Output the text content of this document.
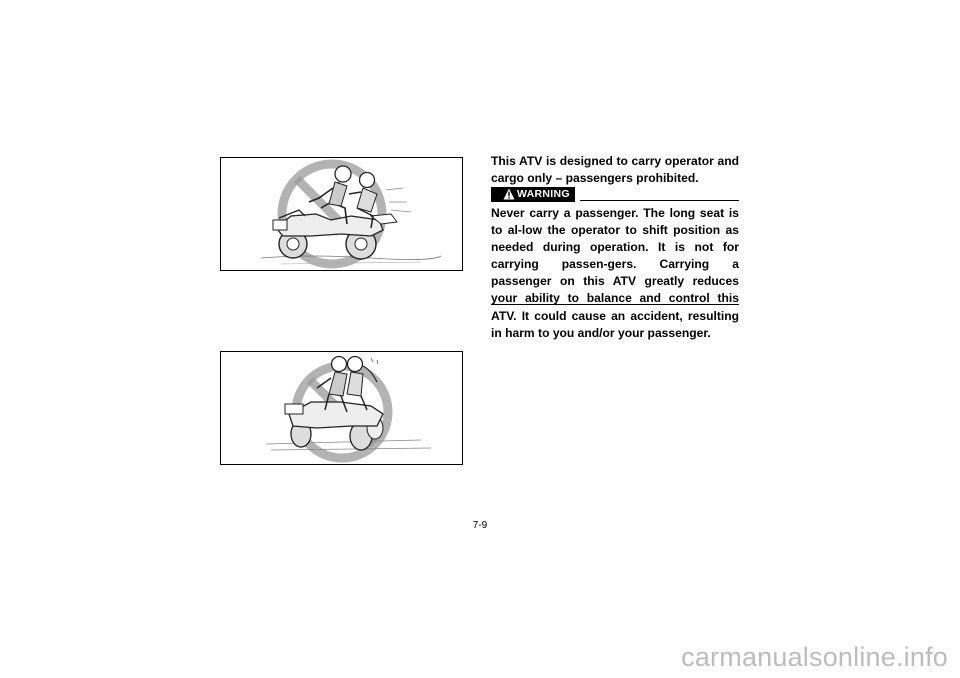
This ATV is designed to carry operator and cargo only – passengers prohibited.

WARNING

Never carry a passenger. The long seat is to al-low the operator to shift position as needed during operation. It is not for carrying passen-gers. Carrying a passenger on this ATV greatly reduces your ability to balance and control this ATV. It could cause an accident, resulting in harm to you and/or your passenger.

7-9
carmanualsonline.info
